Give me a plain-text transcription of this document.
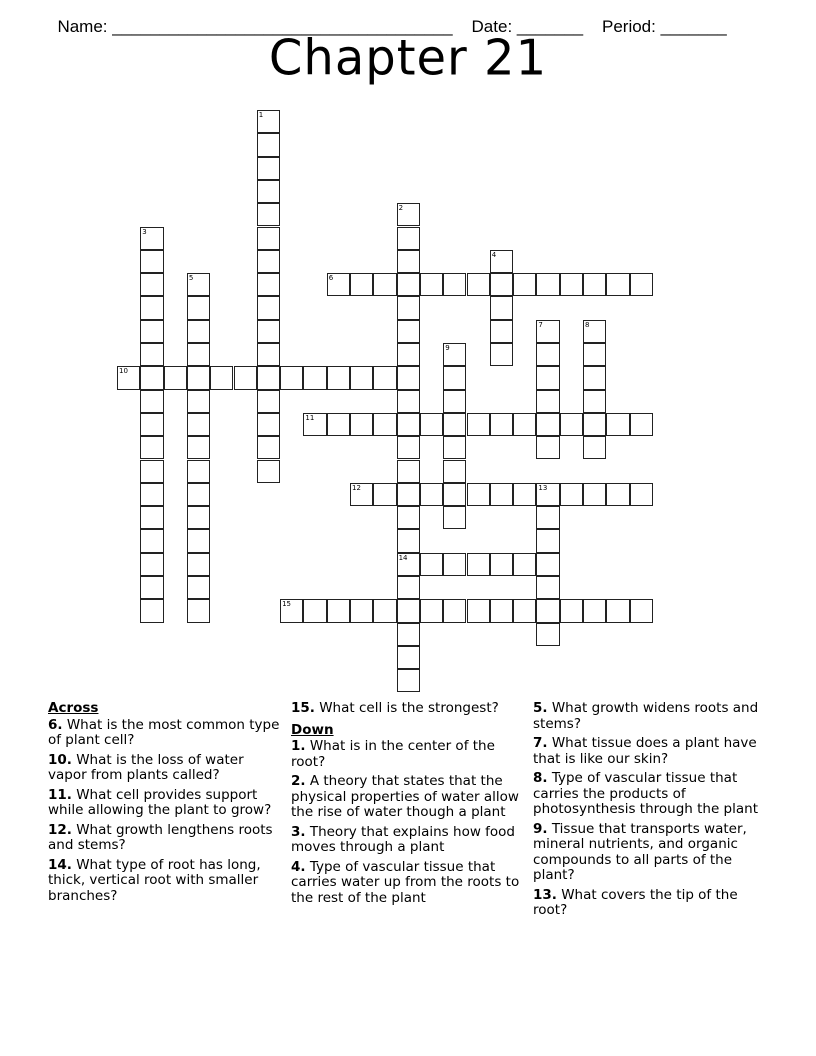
Name: ____________________________________ Date: _______ Period: _______

Chapter 21
1
2
14
3
4
5	6
7	8
9
10
11
12	13
15
Across
6. What is the most common type of plant cell?
10. What is the loss of water vapor from plants called?
11. What cell provides support while allowing the plant to grow?
12. What growth lengthens roots and stems?
14. What type of root has long, thick, vertical root with smaller branches?
15. What cell is the strongest?
Down
1. What is in the center of the root?
2. A theory that states that the physical properties of water allow the rise of water though a plant
3. Theory that explains how food moves through a plant
4. Type of vascular tissue that carries water up from the roots to the rest of the plant
5. What growth widens roots and stems?
7. What tissue does a plant have that is like our skin?
8. Type of vascular tissue that carries the products of photosynthesis through the plant
9. Tissue that transports water, mineral nutrients, and organic compounds to all parts of the plant?
13. What covers the tip of the root?
